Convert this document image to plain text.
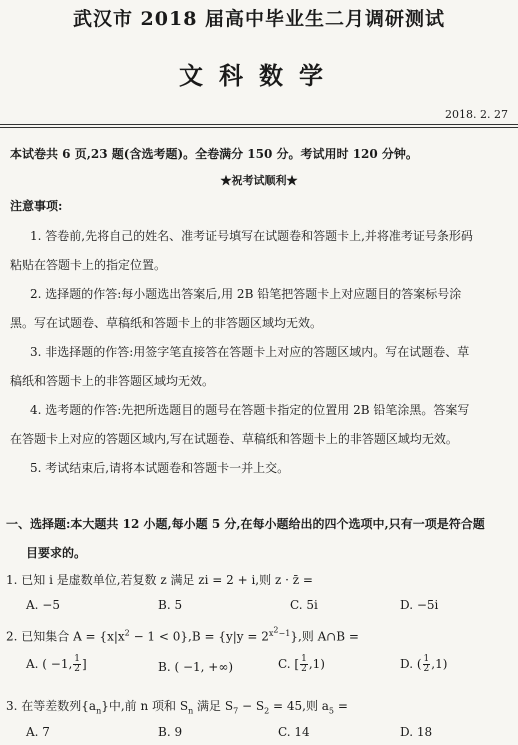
武汉市 2018 届高中毕业生二月调研测试
文科数学
2018. 2. 27
本试卷共 6 页,23 题(含选考题)。全卷满分 150 分。考试用时 120 分钟。
★祝考试顺利★
注意事项:
1. 答卷前,先将自己的姓名、准考证号填写在试题卷和答题卡上,并将准考证号条形码
粘贴在答题卡上的指定位置。
2. 选择题的作答:每小题选出答案后,用 2B 铅笔把答题卡上对应题目的答案标号涂
黑。写在试题卷、草稿纸和答题卡上的非答题区域均无效。
3. 非选择题的作答:用签字笔直接答在答题卡上对应的答题区域内。写在试题卷、草
稿纸和答题卡上的非答题区域均无效。
4. 选考题的作答:先把所选题目的题号在答题卡指定的位置用 2B 铅笔涂黑。答案写
在答题卡上对应的答题区域内,写在试题卷、草稿纸和答题卡上的非答题区域均无效。
5. 考试结束后,请将本试题卷和答题卡一并上交。
一、选择题:本大题共 12 小题,每小题 5 分,在每小题给出的四个选项中,只有一项是符合题
目要求的。
1. 已知 i 是虚数单位,若复数 z 满足 zi = 2 + i,则 z · z̄ =
A. −5	B. 5	C. 5i	D. −5i
2. 已知集合 $A = \{x|x^2 - 1 < 0\},B = \{y|y = 2^{x^2-1}\}$,则 A∩B =
A. ( −1, $\frac{1}{2}$ ]	B. ( −1, +∞)	C. [ $\frac{1}{2} ,1$)	D. ( $\frac{1}{2} ,1$)
3. 在等差数列$\{a_n\}$中,前 n 项和 $S_n$ 满足 $S_7 - S_2 = 45$,则 $a_5$ =
A. 7	B. 9	C. 14	D. 18
